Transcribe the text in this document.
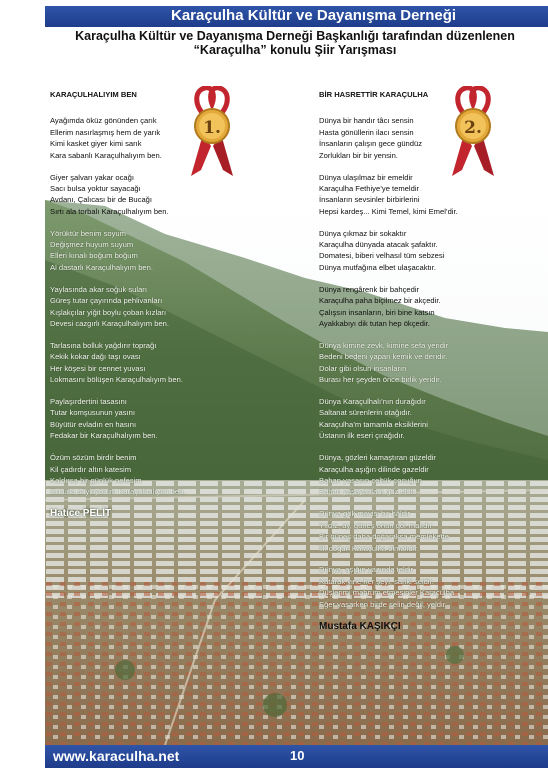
Karaçulha Kültür ve Dayanışma Derneği
Karaçulha Kültür ve Dayanışma Derneği Başkanlığı tarafından düzenlenen
“Karaçulha” konulu Şiir Yarışması
KARAÇULHALIYIM BEN
Ayağımda öküz gönünden çarık
Ellerim nasırlaşmış hem de yarık
Kimi kasket giyer kimi sarık
Kara sabanlı Karaçulhalıyım ben.
Giyer şalvarı yakar ocağı
Sacı bulsa yoktur sayacağı
Avdanı, Çalıcası bir de Bucağı
Sırtı ala torbalı Karaçulhalıyım ben.
Yörüktür benim soyum
Değişmez huyum suyum
Elleri kınalı boğum boğum
Al dastarlı Karaçulhalıyım ben.
Yaylasında akar soğuk suları
Güreş tutar çayırında pehlivanları
Kışlakçılar yiğit boylu çoban kızları
Devesi cazgırlı Karaçulhalıyım ben.
Tarlasına bolluk yağdırır toprağı
Kekik kokar dağı taşı ovası
Her köşesi bir cennet yuvası
Lokmasını bölüşen Karaçulhalıyım ben.
Paylaşırdertini tasasını
Tutar komşusunun yasını
Büyütür evladın en hasını
Fedakar bir Karaçulhalıyım ben.
Özüm sözüm birdir benim
Kil çadırdır altın katesim
Kaldırsa bir günlük nefesim
Gururla söylüyorum Karaçulhalıyım ben.
Hatice PELİT
BİR HASRETTİR KARAÇULHA
Dünya bir handır tâcı sensin
Hasta gönüllerin ilacı sensin
İnsanların çalışın gece gündüz
Zorlukları bir bir yensin.
Dünya ulaşılmaz bir emeldir
Karaçulha Fethiye’ye temeldir
İnsanların sevsinler birbirlerini
Hepsi kardeş... Kimi Temel, kimi Emel’dir.
Dünya çıkmaz bir sokaktır
Karaçulha dünyada atacak şafaktır.
Domatesi, biberi velhasıl tüm sebzesi
Dünya mutfağına elbet ulaşacaktır.
Dünya rengârenk bir bahçedir
Karaçulha paha biçilmez bir akçedir.
Çalışsın insanların, biri bine katsın
Ayakkabıyı dik tutan hep ökçedir.
Dünya kimine zevk, kimine sefa yeridir
Bedeni bedeni yapan kemik ve deridir.
Dolar gibi olsun insanların
Burası her şeyden önce birlik yeridir.
Dünya Karaçulhalı’nın durağıdır
Saltanat sürenlerin otağıdır.
Karaçulha’m tamamla eksiklerini
Üstanın ilk eseri çırağıdır.
Dünya, gözleri kamaştıran güzeldir
Karaçulha aşığın dilinde gazeldir
Bahan yaşasın çeltük çocuğun
Bahan yaşayanlara göz eldir.
Dünya gök mavisi bir hâldir
Yıldız, ay, güneş onun gör malıdır
Bir güneş daha doğaraksa memlekette
İlk doğan Karaçulha olmalıdır.
Dünya, aşığın yazında teldir
Katarak yine her şeyi, sanki seldir.
Düşlerimi mahrum etmesinler Karaçulha
Eğer yaşarken birde selin değil, yeldir.
Mustafa KAŞIKÇI
1.	2.
www.karaculha.net	10
